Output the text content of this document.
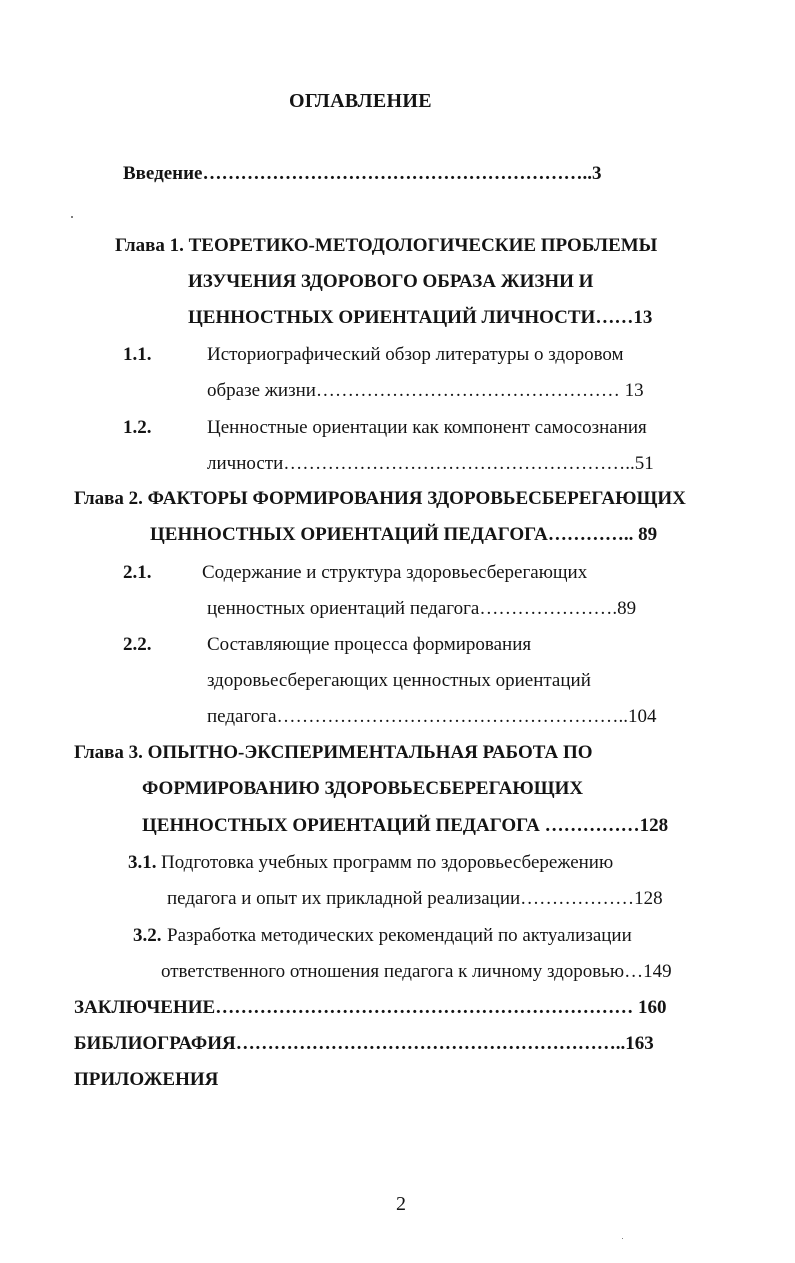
ОГЛАВЛЕНИЕ
Введение……………………………………………………..3
Глава 1. ТЕОРЕТИКО-МЕТОДОЛОГИЧЕСКИЕ ПРОБЛЕМЫ
ИЗУЧЕНИЯ ЗДОРОВОГО ОБРАЗА ЖИЗНИ И
ЦЕННОСТНЫХ ОРИЕНТАЦИЙ ЛИЧНОСТИ……13
1.1.	Историографический обзор литературы о здоровом
образе жизни………………………………………… 13
1.2.	Ценностные ориентации как компонент самосознания
личности………………………………………………..51
Глава 2. ФАКТОРЫ ФОРМИРОВАНИЯ ЗДОРОВЬЕСБЕРЕГАЮЩИХ
ЦЕННОСТНЫХ ОРИЕНТАЦИЙ ПЕДАГОГА………….. 89
2.1.	Содержание и структура здоровьесберегающих
ценностных ориентаций педагога………………….89
2.2.	Составляющие процесса формирования
здоровьесберегающих ценностных ориентаций
педагога………………………………………………..104
Глава 3. ОПЫТНО-ЭКСПЕРИМЕНТАЛЬНАЯ РАБОТА ПО
ФОРМИРОВАНИЮ ЗДОРОВЬЕСБЕРЕГАЮЩИХ
ЦЕННОСТНЫХ ОРИЕНТАЦИЙ ПЕДАГОГА ……………128
3.1. Подготовка учебных программ по здоровьесбережению
педагога и опыт их прикладной реализации………………128
3.2. Разработка методических рекомендаций по актуализации
ответственного отношения педагога к личному здоровью…149
ЗАКЛЮЧЕНИЕ………………………………………………………… 160
БИБЛИОГРАФИЯ……………………………………………………..163
ПРИЛОЖЕНИЯ
2
